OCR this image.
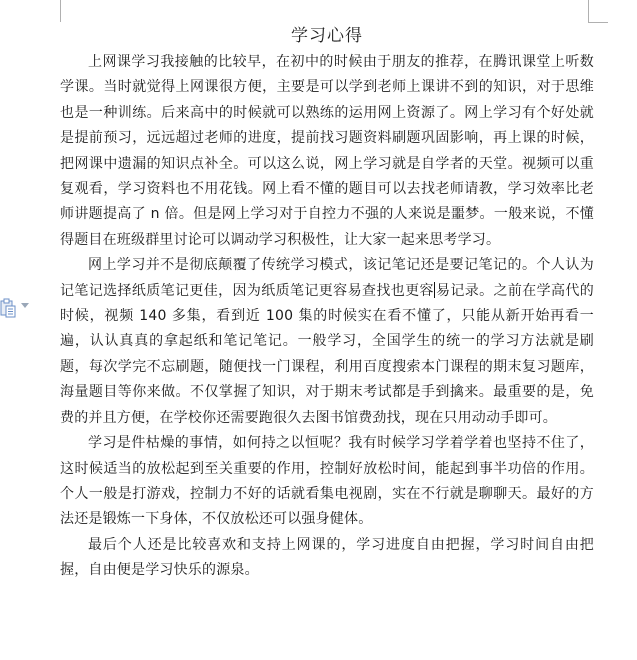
学习心得

上网课学习我接触的比较早，在初中的时候由于朋友的推荐，在腾讯课堂上听数学课。当时就觉得上网课很方便，主要是可以学到老师上课讲不到的知识，对于思维也是一种训练。后来高中的时候就可以熟练的运用网上资源了。网上学习有个好处就是提前预习，远远超过老师的进度，提前找习题资料刷题巩固影响，再上课的时候，把网课中遗漏的知识点补全。可以这么说，网上学习就是自学者的天堂。视频可以重复观看，学习资料也不用花钱。网上看不懂的题目可以去找老师请教，学习效率比老师讲题提高了 n 倍。但是网上学习对于自控力不强的人来说是噩梦。一般来说，不懂得题目在班级群里讨论可以调动学习积极性，让大家一起来思考学习。

网上学习并不是彻底颠覆了传统学习模式，该记笔记还是要记笔记的。个人认为记笔记选择纸质笔记更佳，因为纸质笔记更容易查找也更容 易记录。之前在学高代的时候，视频 140 多集，看到近 100 集的时候实在看不懂了，只能从新开始再看一遍，认认真真的拿起纸和笔记笔记。一般学习，全国学生的统一的学习方法就是刷题，每次学完不忘刷题，随便找一门课程，利用百度搜索本门课程的期末复习题库，海量题目等你来做。不仅掌握了知识，对于期末考试都是手到擒来。最重要的是，免费的并且方便，在学校你还需要跑很久去图书馆费劲找，现在只用动动手即可。

学习是件枯燥的事情，如何持之以恒呢？我有时候学习学着学着也坚持不住了，这时候适当的放松起到至关重要的作用，控制好放松时间，能起到事半功倍的作用。个人一般是打游戏，控制力不好的话就看集电视剧，实在不行就是聊聊天。最好的方法还是锻炼一下身体，不仅放松还可以强身健体。

最后个人还是比较喜欢和支持上网课的，学习进度自由把握，学习时间自由把握，自由便是学习快乐的源泉。
